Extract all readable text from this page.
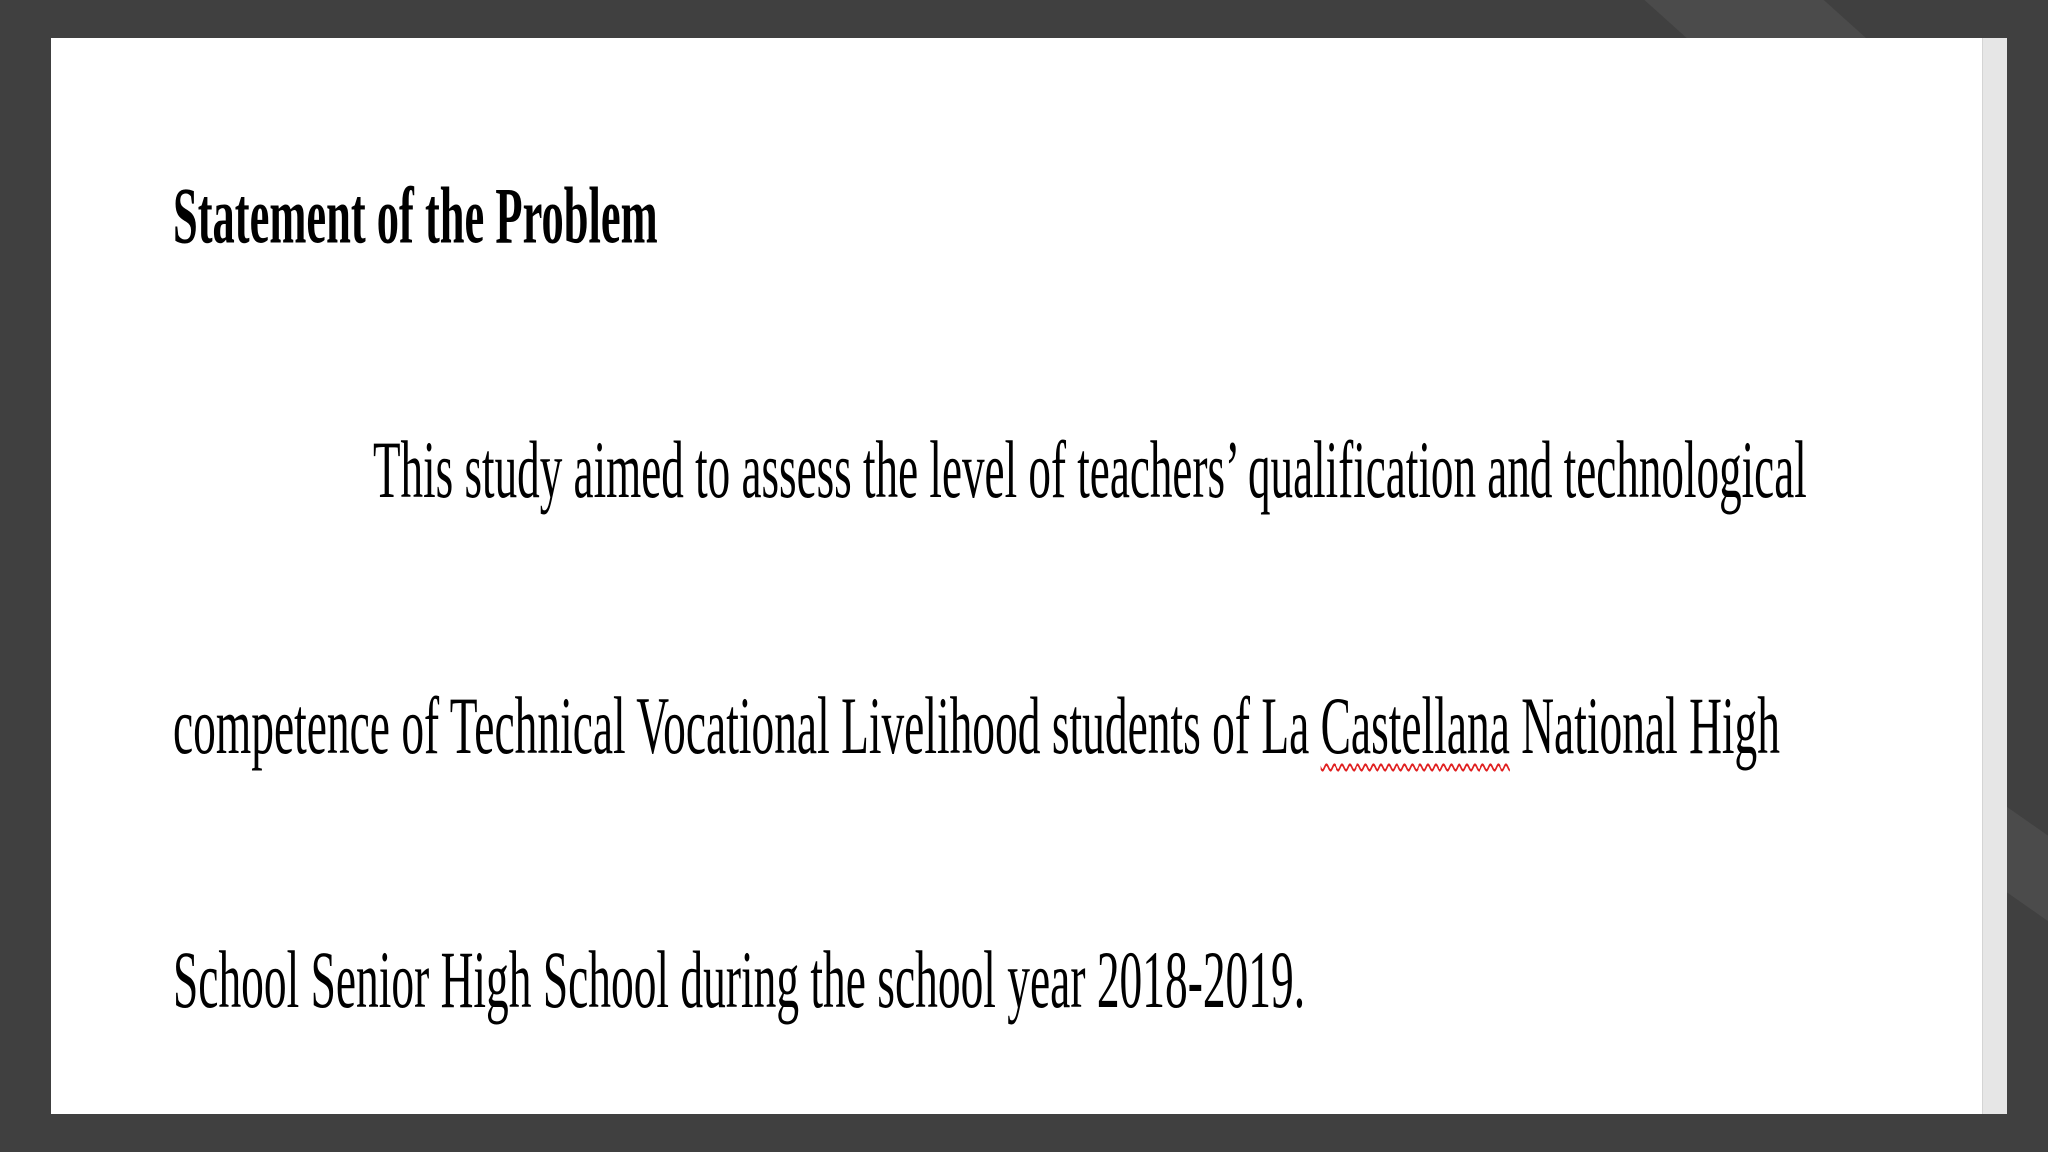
Statement of the Problem

This study aimed to assess the level of teachers’ qualification and technological

competence of Technical Vocational Livelihood students of La Castellana National High

School Senior High School during the school year 2018-2019.
